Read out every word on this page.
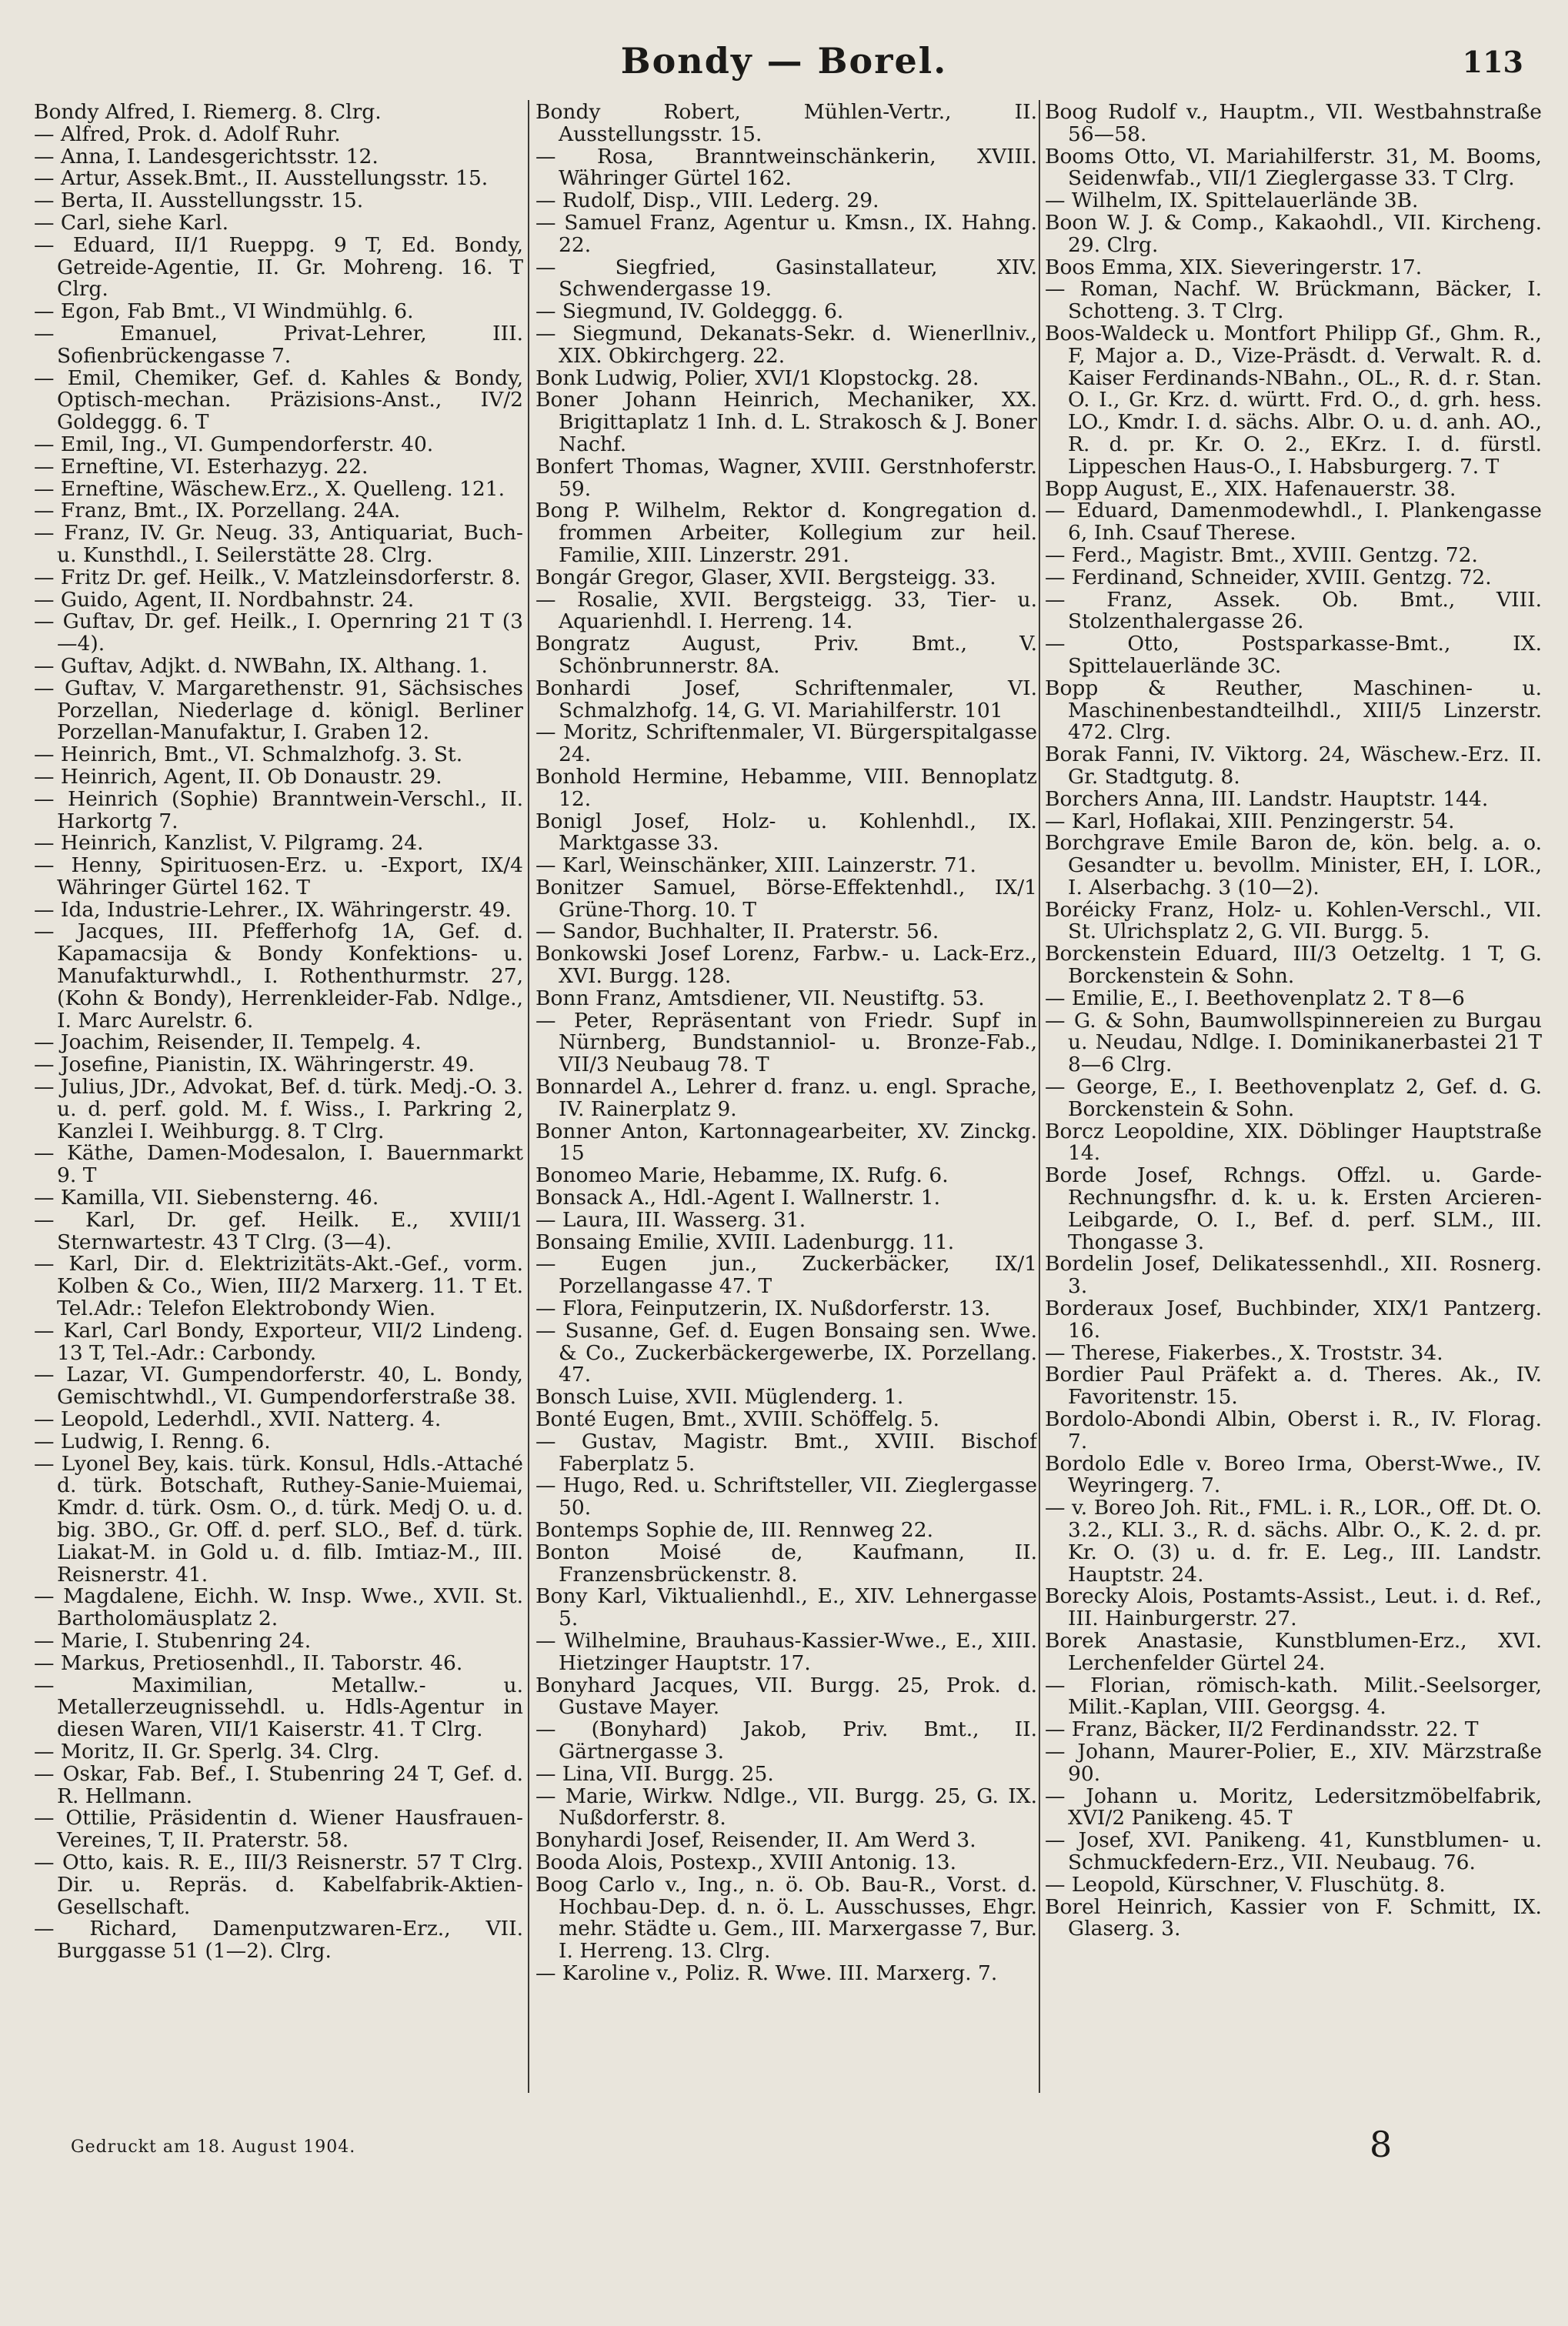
Bondy — Borel.	113

Bondy Alfred, I. Riemerg. 8. Clrg.

— Alfred, Prok. d. Adolf Ruhr.

— Anna, I. Landesgerichtsstr. 12.

— Artur, Assek.Bmt., II. Ausstellungsstr. 15.

— Berta, II. Ausstellungsstr. 15.

— Carl, siehe Karl.

— Eduard, II/1 Rueppg. 9 T, Ed. Bondy, Getreide-Agentie, II. Gr. Mohreng. 16. T Clrg.

— Egon, Fab Bmt., VI Windmühlg. 6.

— Emanuel, Privat-Lehrer, III. Sofienbrückengasse 7.

— Emil, Chemiker, Gef. d. Kahles & Bondy, Optisch-mechan. Präzisions-Anst., IV/2 Goldeggg. 6. T

— Emil, Ing., VI. Gumpendorferstr. 40.

— Erneftine, VI. Esterhazyg. 22.

— Erneftine, Wäschew.Erz., X. Quelleng. 121.

— Franz, Bmt., IX. Porzellang. 24A.

— Franz, IV. Gr. Neug. 33, Antiquariat, Buch- u. Kunsthdl., I. Seilerstätte 28. Clrg.

— Fritz Dr. gef. Heilk., V. Matzleinsdorferstr. 8.

— Guido, Agent, II. Nordbahnstr. 24.

— Guftav, Dr. gef. Heilk., I. Opernring 21 T (3—4).

— Guftav, Adjkt. d. NWBahn, IX. Althang. 1.

— Guftav, V. Margarethenstr. 91, Sächsisches Porzellan, Niederlage d. königl. Berliner Porzellan-Manufaktur, I. Graben 12.

— Heinrich, Bmt., VI. Schmalzhofg. 3. St.

— Heinrich, Agent, II. Ob Donaustr. 29.

— Heinrich (Sophie) Branntwein-Verschl., II. Harkortg 7.

— Heinrich, Kanzlist, V. Pilgramg. 24.

— Henny, Spirituosen-Erz. u. -Export, IX/4 Währinger Gürtel 162. T

— Ida, Industrie-Lehrer., IX. Währingerstr. 49.

— Jacques, III. Pfefferhofg 1A, Gef. d. Kapamacsija & Bondy Konfektions- u. Manufakturwhdl., I. Rothenthurmstr. 27, (Kohn & Bondy), Herrenkleider-Fab. Ndlge., I. Marc Aurelstr. 6.

— Joachim, Reisender, II. Tempelg. 4.

— Josefine, Pianistin, IX. Währingerstr. 49.

— Julius, JDr., Advokat, Bef. d. türk. Medj.-O. 3. u. d. perf. gold. M. f. Wiss., I. Parkring 2, Kanzlei I. Weihburgg. 8. T Clrg.

— Käthe, Damen-Modesalon, I. Bauernmarkt 9. T

— Kamilla, VII. Siebensterng. 46.

— Karl, Dr. gef. Heilk. E., XVIII/1 Sternwartestr. 43 T Clrg. (3—4).

— Karl, Dir. d. Elektrizitäts-Akt.-Gef., vorm. Kolben & Co., Wien, III/2 Marxerg. 11. T Et. Tel.Adr.: Telefon Elektrobondy Wien.

— Karl, Carl Bondy, Exporteur, VII/2 Lindeng. 13 T, Tel.-Adr.: Carbondy.

— Lazar, VI. Gumpendorferstr. 40, L. Bondy, Gemischtwhdl., VI. Gumpendorferstraße 38.

— Leopold, Lederhdl., XVII. Natterg. 4.

— Ludwig, I. Renng. 6.

— Lyonel Bey, kais. türk. Konsul, Hdls.-Attaché d. türk. Botschaft, Ruthey-Sanie-Muiemai, Kmdr. d. türk. Osm. O., d. türk. Medj O. u. d. big. 3BO., Gr. Off. d. perf. SLO., Bef. d. türk. Liakat-M. in Gold u. d. filb. Imtiaz-M., III. Reisnerstr. 41.

— Magdalene, Eichh. W. Insp. Wwe., XVII. St. Bartholomäusplatz 2.

— Marie, I. Stubenring 24.

— Markus, Pretiosenhdl., II. Taborstr. 46.

— Maximilian, Metallw.- u. Metallerzeugnissehdl. u. Hdls-Agentur in diesen Waren, VII/1 Kaiserstr. 41. T Clrg.

— Moritz, II. Gr. Sperlg. 34. Clrg.

— Oskar, Fab. Bef., I. Stubenring 24 T, Gef. d. R. Hellmann.

— Ottilie, Präsidentin d. Wiener Hausfrauen-Vereines, T, II. Praterstr. 58.

— Otto, kais. R. E., III/3 Reisnerstr. 57 T Clrg. Dir. u. Repräs. d. Kabelfabrik-Aktien-Gesellschaft.

— Richard, Damenputzwaren-Erz., VII. Burggasse 51 (1—2). Clrg.

Bondy Robert, Mühlen-Vertr., II. Ausstellungsstr. 15.

— Rosa, Branntweinschänkerin, XVIII. Währinger Gürtel 162.

— Rudolf, Disp., VIII. Lederg. 29.

— Samuel Franz, Agentur u. Kmsn., IX. Hahng. 22.

— Siegfried, Gasinstallateur, XIV. Schwendergasse 19.

— Siegmund, IV. Goldeggg. 6.

— Siegmund, Dekanats-Sekr. d. Wienerllniv., XIX. Obkirchgerg. 22.

Bonk Ludwig, Polier, XVI/1 Klopstockg. 28.

Boner Johann Heinrich, Mechaniker, XX. Brigittaplatz 1 Inh. d. L. Strakosch & J. Boner Nachf.

Bonfert Thomas, Wagner, XVIII. Gerstnhoferstr. 59.

Bong P. Wilhelm, Rektor d. Kongregation d. frommen Arbeiter, Kollegium zur heil. Familie, XIII. Linzerstr. 291.

Bongár Gregor, Glaser, XVII. Bergsteigg. 33.

— Rosalie, XVII. Bergsteigg. 33, Tier- u. Aquarienhdl. I. Herreng. 14.

Bongratz August, Priv. Bmt., V. Schönbrunnerstr. 8A.

Bonhardi Josef, Schriftenmaler, VI. Schmalzhofg. 14, G. VI. Mariahilferstr. 101

— Moritz, Schriftenmaler, VI. Bürgerspitalgasse 24.

Bonhold Hermine, Hebamme, VIII. Bennoplatz 12.

Bonigl Josef, Holz- u. Kohlenhdl., IX. Marktgasse 33.

— Karl, Weinschänker, XIII. Lainzerstr. 71.

Bonitzer Samuel, Börse-Effektenhdl., IX/1 Grüne-Thorg. 10. T

— Sandor, Buchhalter, II. Praterstr. 56.

Bonkowski Josef Lorenz, Farbw.- u. Lack-Erz., XVI. Burgg. 128.

Bonn Franz, Amtsdiener, VII. Neustiftg. 53.

— Peter, Repräsentant von Friedr. Supf in Nürnberg, Bundstanniol- u. Bronze-Fab., VII/3 Neubaug 78. T

Bonnardel A., Lehrer d. franz. u. engl. Sprache, IV. Rainerplatz 9.

Bonner Anton, Kartonnagearbeiter, XV. Zinckg. 15

Bonomeo Marie, Hebamme, IX. Rufg. 6.

Bonsack A., Hdl.-Agent I. Wallnerstr. 1.

— Laura, III. Wasserg. 31.

Bonsaing Emilie, XVIII. Ladenburgg. 11.

— Eugen jun., Zuckerbäcker, IX/1 Porzellangasse 47. T

— Flora, Feinputzerin, IX. Nußdorferstr. 13.

— Susanne, Gef. d. Eugen Bonsaing sen. Wwe. & Co., Zuckerbäckergewerbe, IX. Porzellang. 47.

Bonsch Luise, XVII. Müglenderg. 1.

Bonté Eugen, Bmt., XVIII. Schöffelg. 5.

— Gustav, Magistr. Bmt., XVIII. Bischof Faberplatz 5.

— Hugo, Red. u. Schriftsteller, VII. Zieglergasse 50.

Bontemps Sophie de, III. Rennweg 22.

Bonton Moisé de, Kaufmann, II. Franzensbrückenstr. 8.

Bony Karl, Viktualienhdl., E., XIV. Lehnergasse 5.

— Wilhelmine, Brauhaus-Kassier-Wwe., E., XIII. Hietzinger Hauptstr. 17.

Bonyhard Jacques, VII. Burgg. 25, Prok. d. Gustave Mayer.

— (Bonyhard) Jakob, Priv. Bmt., II. Gärtnergasse 3.

— Lina, VII. Burgg. 25.

— Marie, Wirkw. Ndlge., VII. Burgg. 25, G. IX. Nußdorferstr. 8.

Bonyhardi Josef, Reisender, II. Am Werd 3.

Booda Alois, Postexp., XVIII Antonig. 13.

Boog Carlo v., Ing., n. ö. Ob. Bau-R., Vorst. d. Hochbau-Dep. d. n. ö. L. Ausschusses, Ehgr. mehr. Städte u. Gem., III. Marxergasse 7, Bur. I. Herreng. 13. Clrg.

— Karoline v., Poliz. R. Wwe. III. Marxerg. 7.

Boog Rudolf v., Hauptm., VII. Westbahnstraße 56—58.

Booms Otto, VI. Mariahilferstr. 31, M. Booms, Seidenwfab., VII/1 Zieglergasse 33. T Clrg.

— Wilhelm, IX. Spittelauerlände 3B.

Boon W. J. & Comp., Kakaohdl., VII. Kircheng. 29. Clrg.

Boos Emma, XIX. Sieveringerstr. 17.

— Roman, Nachf. W. Brückmann, Bäcker, I. Schotteng. 3. T Clrg.

Boos-Waldeck u. Montfort Philipp Gf., Ghm. R., F, Major a. D., Vize-Präsdt. d. Verwalt. R. d. Kaiser Ferdinands-NBahn., OL., R. d. r. Stan. O. I., Gr. Krz. d. württ. Frd. O., d. grh. hess. LO., Kmdr. I. d. sächs. Albr. O. u. d. anh. AO., R. d. pr. Kr. O. 2., EKrz. I. d. fürstl. Lippeschen Haus-O., I. Habsburgerg. 7. T

Bopp August, E., XIX. Hafenauerstr. 38.

— Eduard, Damenmodewhdl., I. Plankengasse 6, Inh. Csauf Therese.

— Ferd., Magistr. Bmt., XVIII. Gentzg. 72.

— Ferdinand, Schneider, XVIII. Gentzg. 72.

— Franz, Assek. Ob. Bmt., VIII. Stolzenthalergasse 26.

— Otto, Postsparkasse-Bmt., IX. Spittelauerlände 3C.

Bopp & Reuther, Maschinen- u. Maschinenbestandteilhdl., XIII/5 Linzerstr. 472. Clrg.

Borak Fanni, IV. Viktorg. 24, Wäschew.-Erz. II. Gr. Stadtgutg. 8.

Borchers Anna, III. Landstr. Hauptstr. 144.

— Karl, Hoflakai, XIII. Penzingerstr. 54.

Borchgrave Emile Baron de, kön. belg. a. o. Gesandter u. bevollm. Minister, EH, I. LOR., I. Alserbachg. 3 (10—2).

Boréicky Franz, Holz- u. Kohlen-Verschl., VII. St. Ulrichsplatz 2, G. VII. Burgg. 5.

Borckenstein Eduard, III/3 Oetzeltg. 1 T, G. Borckenstein & Sohn.

— Emilie, E., I. Beethovenplatz 2. T 8—6

— G. & Sohn, Baumwollspinnereien zu Burgau u. Neudau, Ndlge. I. Dominikanerbastei 21 T 8—6 Clrg.

— George, E., I. Beethovenplatz 2, Gef. d. G. Borckenstein & Sohn.

Borcz Leopoldine, XIX. Döblinger Hauptstraße 14.

Borde Josef, Rchngs. Offzl. u. Garde-Rechnungsfhr. d. k. u. k. Ersten Arcieren-Leibgarde, O. I., Bef. d. perf. SLM., III. Thongasse 3.

Bordelin Josef, Delikatessenhdl., XII. Rosnerg. 3.

Borderaux Josef, Buchbinder, XIX/1 Pantzerg. 16.

— Therese, Fiakerbes., X. Troststr. 34.

Bordier Paul Präfekt a. d. Theres. Ak., IV. Favoritenstr. 15.

Bordolo-Abondi Albin, Oberst i. R., IV. Florag. 7.

Bordolo Edle v. Boreo Irma, Oberst-Wwe., IV. Weyringerg. 7.

— v. Boreo Joh. Rit., FML. i. R., LOR., Off. Dt. O. 3.2., KLI. 3., R. d. sächs. Albr. O., K. 2. d. pr. Kr. O. (3) u. d. fr. E. Leg., III. Landstr. Hauptstr. 24.

Borecky Alois, Postamts-Assist., Leut. i. d. Ref., III. Hainburgerstr. 27.

Borek Anastasie, Kunstblumen-Erz., XVI. Lerchenfelder Gürtel 24.

— Florian, römisch-kath. Milit.-Seelsorger, Milit.-Kaplan, VIII. Georgsg. 4.

— Franz, Bäcker, II/2 Ferdinandsstr. 22. T

— Johann, Maurer-Polier, E., XIV. Märzstraße 90.

— Johann u. Moritz, Ledersitzmöbelfabrik, XVI/2 Panikeng. 45. T

— Josef, XVI. Panikeng. 41, Kunstblumen- u. Schmuckfedern-Erz., VII. Neubaug. 76.

— Leopold, Kürschner, V. Fluschütg. 8.

Borel Heinrich, Kassier von F. Schmitt, IX. Glaserg. 3.

Gedruckt am 18. August 1904.	8
